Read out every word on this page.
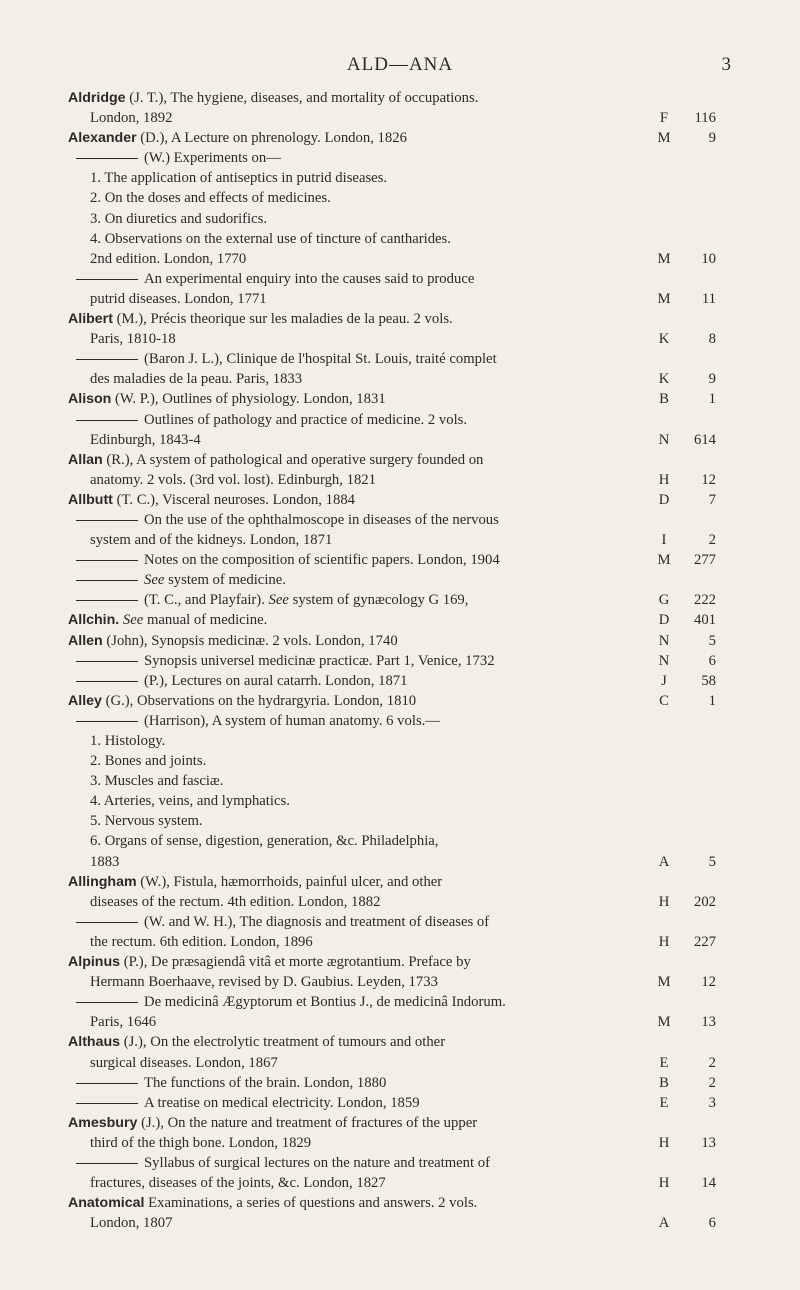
ALD—ANA	3
Aldridge (J. T.), The hygiene, diseases, and mortality of occupations.
London, 1892	F	116
Alexander (D.), A Lecture on phrenology. London, 1826	M	9
(W.) Experiments on—
1. The application of antiseptics in putrid diseases.
2. On the doses and effects of medicines.
3. On diuretics and sudorifics.
4. Observations on the external use of tincture of cantharides.
2nd edition. London, 1770	M	10
An experimental enquiry into the causes said to produce
putrid diseases. London, 1771	M	11
Alibert (M.), Précis theorique sur les maladies de la peau. 2 vols.
Paris, 1810-18	K	8
(Baron J. L.), Clinique de l'hospital St. Louis, traité complet
des maladies de la peau. Paris, 1833	K	9
Alison (W. P.), Outlines of physiology. London, 1831	B	1
Outlines of pathology and practice of medicine. 2 vols.
Edinburgh, 1843-4	N	614
Allan (R.), A system of pathological and operative surgery founded on
anatomy. 2 vols. (3rd vol. lost). Edinburgh, 1821	H	12
Allbutt (T. C.), Visceral neuroses. London, 1884	D	7
On the use of the ophthalmoscope in diseases of the nervous
system and of the kidneys. London, 1871	I	2
Notes on the composition of scientific papers. London, 1904	M	277
See system of medicine.
(T. C., and Playfair). See system of gynæcology G 169,	G	222
Allchin. See manual of medicine.	D	401
Allen (John), Synopsis medicinæ. 2 vols. London, 1740	N	5
Synopsis universel medicinæ practicæ. Part 1, Venice, 1732	N	6
(P.), Lectures on aural catarrh. London, 1871	J	58
Alley (G.), Observations on the hydrargyria. London, 1810	C	1
(Harrison), A system of human anatomy. 6 vols.—
1. Histology.
2. Bones and joints.
3. Muscles and fasciæ.
4. Arteries, veins, and lymphatics.
5. Nervous system.
6. Organs of sense, digestion, generation, &c. Philadelphia,
1883	A	5
Allingham (W.), Fistula, hæmorrhoids, painful ulcer, and other
diseases of the rectum. 4th edition. London, 1882	H	202
(W. and W. H.), The diagnosis and treatment of diseases of
the rectum. 6th edition. London, 1896	H	227
Alpinus (P.), De præsagiendâ vitâ et morte ægrotantium. Preface by
Hermann Boerhaave, revised by D. Gaubius. Leyden, 1733	M	12
De medicinâ Ægyptorum et Bontius J., de medicinâ Indorum.
Paris, 1646	M	13
Althaus (J.), On the electrolytic treatment of tumours and other
surgical diseases. London, 1867	E	2
The functions of the brain. London, 1880	B	2
A treatise on medical electricity. London, 1859	E	3
Amesbury (J.), On the nature and treatment of fractures of the upper
third of the thigh bone. London, 1829	H	13
Syllabus of surgical lectures on the nature and treatment of
fractures, diseases of the joints, &c. London, 1827	H	14
Anatomical Examinations, a series of questions and answers. 2 vols.
London, 1807	A	6
